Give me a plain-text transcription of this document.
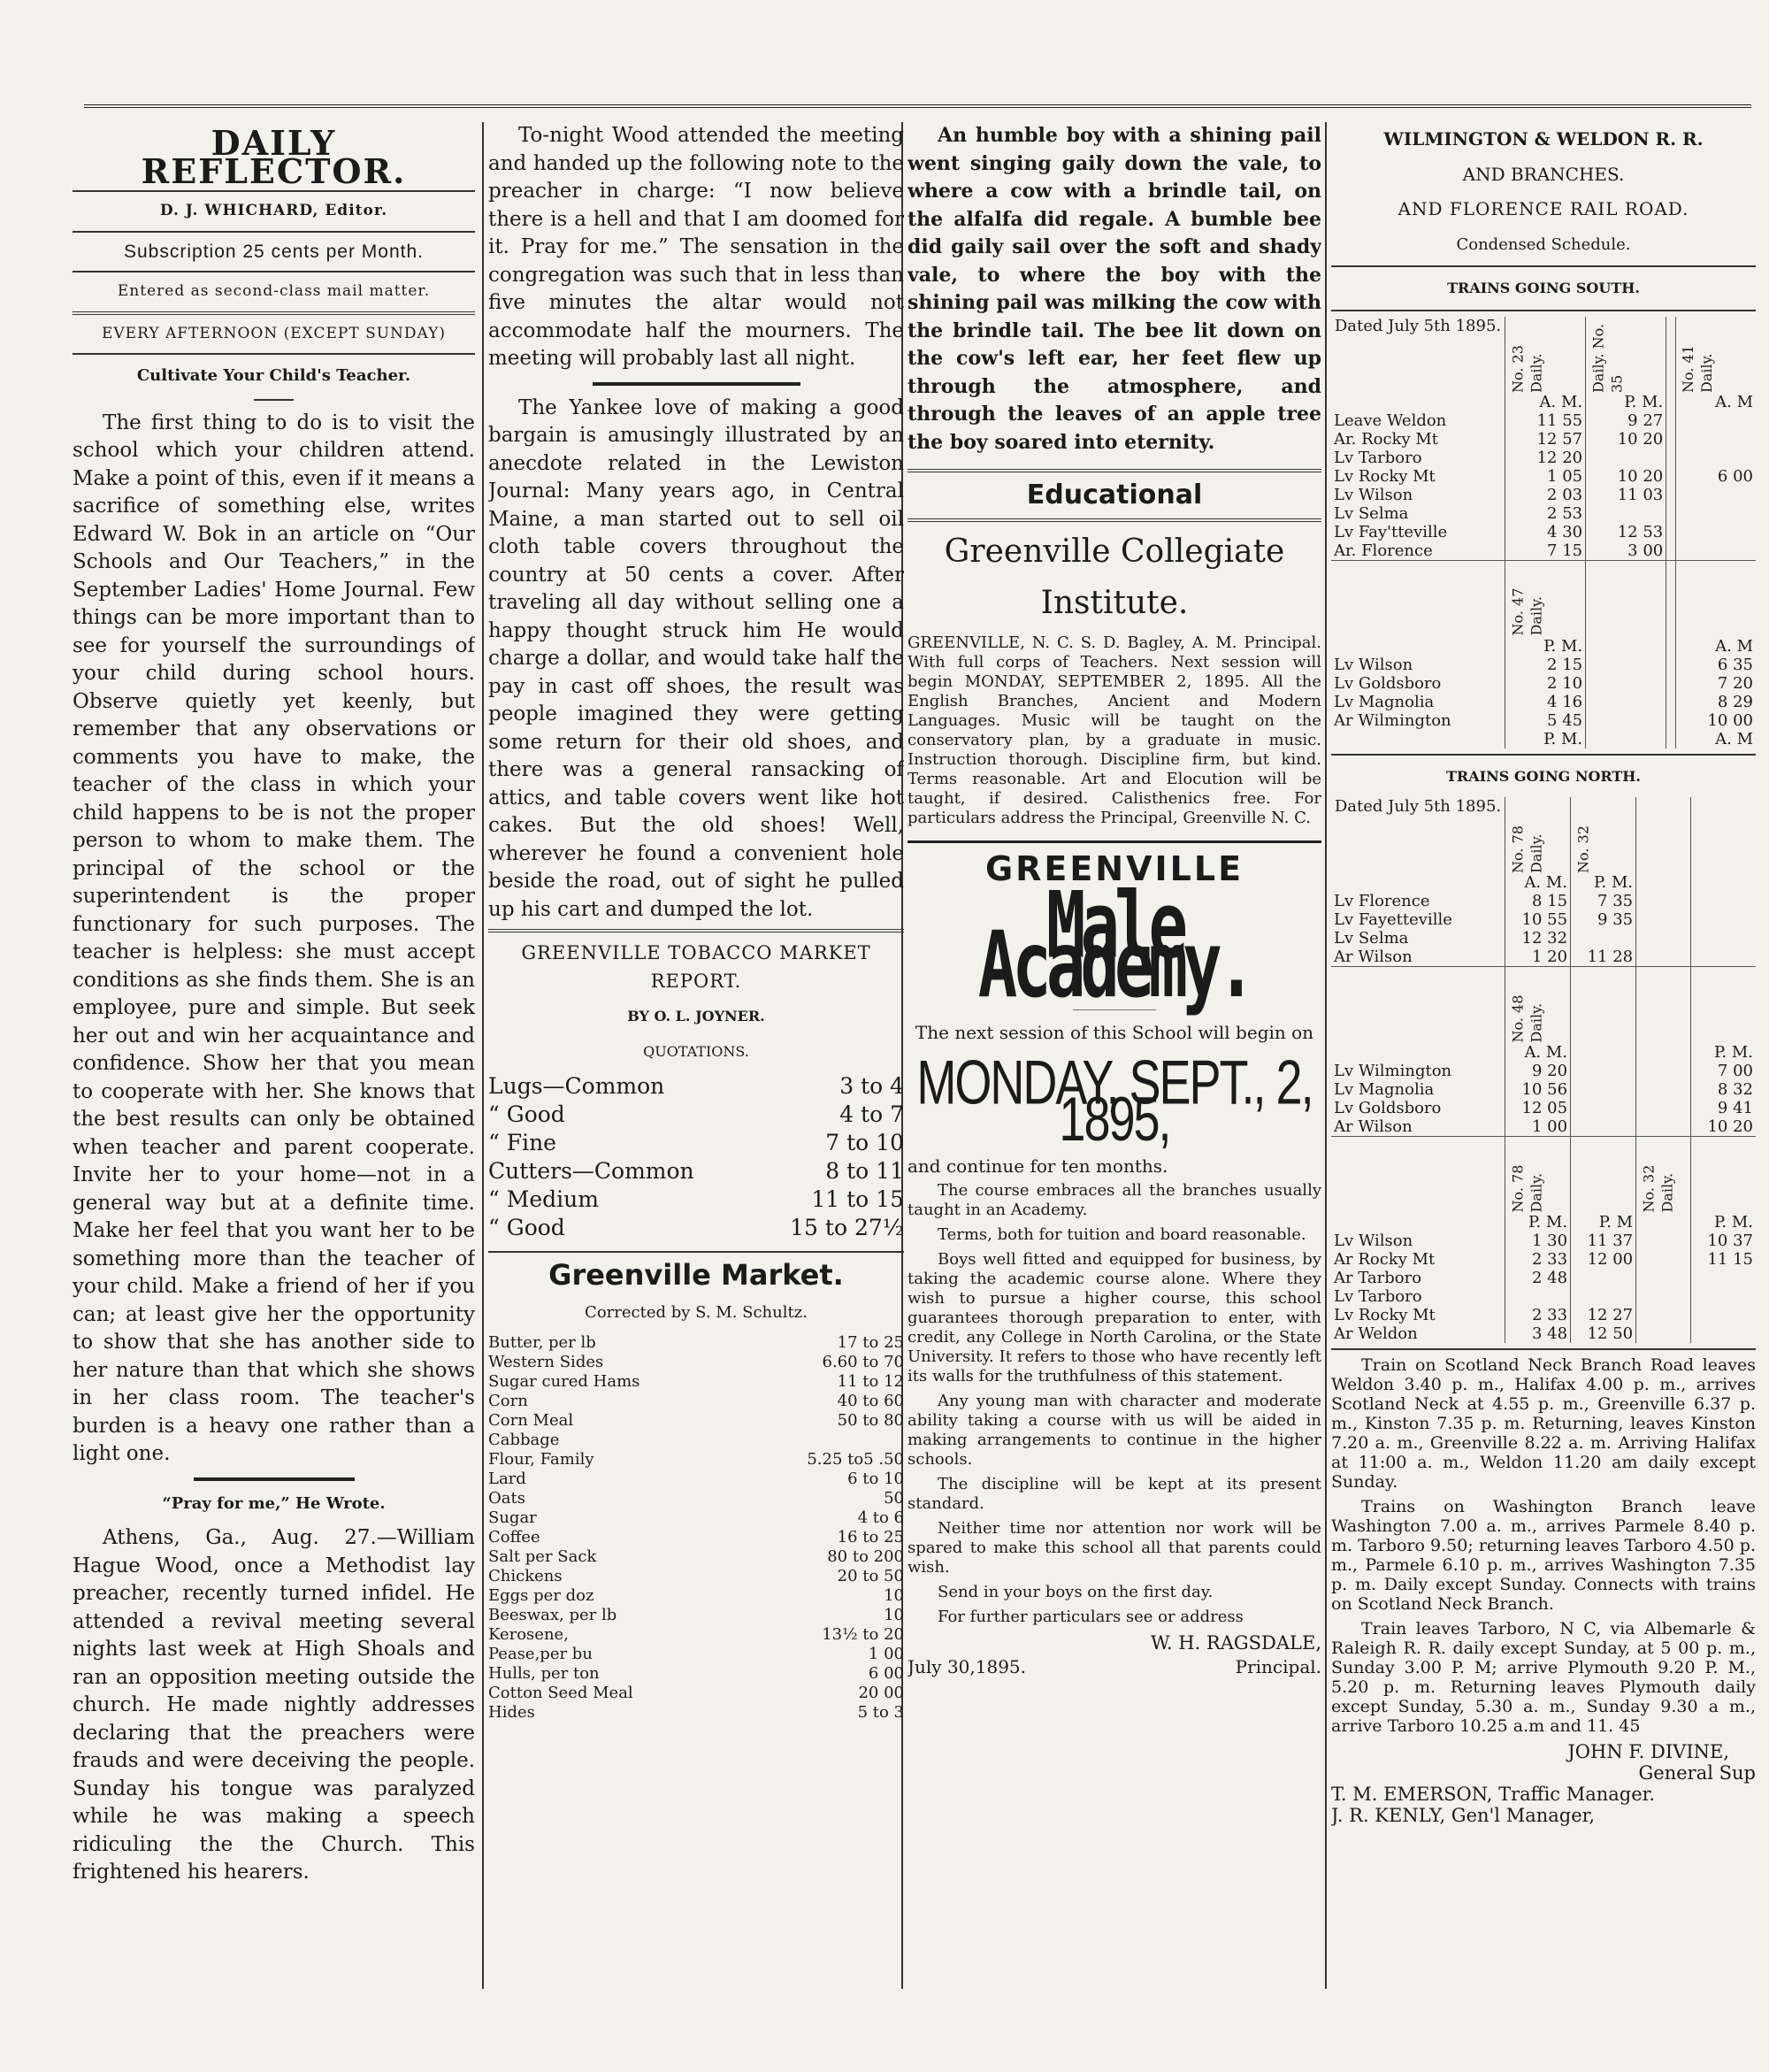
DAILY REFLECTOR.
D. J. WHICHARD, Editor.
Subscription 25 cents per Month.
Entered as second-class mail matter.
EVERY AFTERNOON (EXCEPT SUNDAY)
Cultivate Your Child's Teacher.

The first thing to do is to visit the school which your children attend. Make a point of this, even if it means a sacrifice of something else, writes Edward W. Bok in an article on “Our Schools and Our Teachers,” in the September Ladies' Home Journal. Few things can be more important than to see for yourself the surroundings of your child during school hours. Observe quietly yet keenly, but remember that any observations or comments you have to make, the teacher of the class in which your child happens to be is not the proper person to whom to make them. The principal of the school or the superintendent is the proper functionary for such purposes. The teacher is helpless: she must accept conditions as she finds them. She is an employee, pure and simple. But seek her out and win her acquaintance and confidence. Show her that you mean to cooperate with her. She knows that the best results can only be obtained when teacher and parent cooperate. Invite her to your home—not in a general way but at a definite time. Make her feel that you want her to be something more than the teacher of your child. Make a friend of her if you can; at least give her the opportunity to show that she has another side to her nature than that which she shows in her class room. The teacher's burden is a heavy one rather than a light one.

“Pray for me,” He Wrote.

Athens, Ga., Aug. 27.—William Hague Wood, once a Methodist lay preacher, recently turned infidel. He attended a revival meeting several nights last week at High Shoals and ran an opposition meeting outside the church. He made nightly addresses declaring that the preachers were frauds and were deceiving the people. Sunday his tongue was paralyzed while he was making a speech ridiculing the the Church. This frightened his hearers.

To-night Wood attended the meeting and handed up the following note to the preacher in charge: “I now believe there is a hell and that I am doomed for it. Pray for me.” The sensation in the congregation was such that in less than five minutes the altar would not accommodate half the mourners. The meeting will probably last all night.

The Yankee love of making a good bargain is amusingly illustrated by an anecdote related in the Lewiston Journal: Many years ago, in Central Maine, a man started out to sell oil cloth table covers throughout the country at 50 cents a cover. After traveling all day without selling one a happy thought struck him He would charge a dollar, and would take half the pay in cast off shoes, the result was people imagined they were getting some return for their old shoes, and there was a general ransacking of attics, and table covers went like hot cakes. But the old shoes! Well, wherever he found a convenient hole beside the road, out of sight he pulled up his cart and dumped the lot.

GREENVILLE TOBACCO MARKET REPORT.
BY O. L. JOYNER.
QUOTATIONS.
Lugs—Common	3 to 4
“ Good	4 to 7
“ Fine	7 to 10
Cutters—Common	8 to 11
“ Medium	11 to 15
“ Good	15 to 27½
Greenville Market.
Corrected by S. M. Schultz.
Butter, per lb	17 to 25
Western Sides	6.60 to 70
Sugar cured Hams	11 to 12
Corn	40 to 60
Corn Meal	50 to 80
Cabbage	
Flour, Family	5.25 to5 .50
Lard	6 to 10
Oats	50
Sugar	4 to 6
Coffee	16 to 25
Salt per Sack	80 to 200
Chickens	20 to 50
Eggs per doz	10
Beeswax, per lb	10
Kerosene,	13½ to 20
Pease,per bu	1 00
Hulls, per ton	6 00
Cotton Seed Meal	20 00
Hides	5 to 3

An humble boy with a shining pail went singing gaily down the vale, to where a cow with a brindle tail, on the alfalfa did regale. A bumble bee did gaily sail over the soft and shady vale, to where the boy with the shining pail was milking the cow with the brindle tail. The bee lit down on the cow's left ear, her feet flew up through the atmosphere, and through the leaves of an apple tree the boy soared into eternity.

Educational
Greenville Collegiate
Institute.

GREENVILLE, N. C. S. D. Bagley, A. M. Principal. With full corps of Teachers. Next session will begin MONDAY, SEPTEMBER 2, 1895. All the English Branches, Ancient and Modern Languages. Music will be taught on the conservatory plan, by a graduate in music. Instruction thorough. Discipline firm, but kind. Terms reasonable. Art and Elocution will be taught, if desired. Calisthenics free. For particulars address the Principal, Greenville N. C.

GREENVILLE
Male Academy.

The next session of this School will begin on

MONDAY, SEPT., 2, 1895,

and continue for ten months.

The course embraces all the branches usually taught in an Academy.

Terms, both for tuition and board reasonable.

Boys well fitted and equipped for business, by taking the academic course alone. Where they wish to pursue a higher course, this school guarantees thorough preparation to enter, with credit, any College in North Carolina, or the State University. It refers to those who have recently left its walls for the truthfulness of this statement.

Any young man with character and moderate ability taking a course with us will be aided in making arrangements to continue in the higher schools.

The discipline will be kept at its present standard.

Neither time nor attention nor work will be spared to make this school all that parents could wish.

Send in your boys on the first day.

For further particulars see or address

W. H. RAGSDALE,
July 30,1895.	Principal.
WILMINGTON & WELDON R. R.
AND BRANCHES.
AND FLORENCE RAIL ROAD.
Condensed Schedule.
TRAINS GOING SOUTH.
Dated July 5th 1895.	No. 23 Daily.	Daily. No. 35		No. 41 Daily.
	A. M.	P. M.		A. M
Leave Weldon	11 55	9 27		
Ar. Rocky Mt	12 57	10 20		
Lv Tarboro	12 20			
Lv Rocky Mt	1 05	10 20		6 00
Lv Wilson	2 03	11 03		
Lv Selma	2 53			
Lv Fay'tteville	4 30	12 53		
Ar. Florence	7 15	3 00		
	No. 47 Daily.			
	P. M.			A. M
Lv Wilson	2 15			6 35
Lv Goldsboro	2 10			7 20
Lv Magnolia	4 16			8 29
Ar Wilmington	5 45			10 00
	P. M.			A. M
TRAINS GOING NORTH.
Dated July 5th 1895.	No. 78 Daily.	No. 32		
	A. M.	P. M.		
Lv Florence	8 15	7 35		
Lv Fayetteville	10 55	9 35		
Lv Selma	12 32			
Ar Wilson	1 20	11 28		
	No. 48 Daily.			
	A. M.			P. M.
Lv Wilmington	9 20			7 00
Lv Magnolia	10 56			8 32
Lv Goldsboro	12 05			9 41
Ar Wilson	1 00			10 20
	No. 78 Daily.		No. 32 Daily.	
	P. M.	P. M		P. M.
Lv Wilson	1 30	11 37		10 37
Ar Rocky Mt	2 33	12 00		11 15
Ar Tarboro	2 48			
Lv Tarboro				
Lv Rocky Mt	2 33	12 27		
Ar Weldon	3 48	12 50		

Train on Scotland Neck Branch Road leaves Weldon 3.40 p. m., Halifax 4.00 p. m., arrives Scotland Neck at 4.55 p. m., Greenville 6.37 p. m., Kinston 7.35 p. m. Returning, leaves Kinston 7.20 a. m., Greenville 8.22 a. m. Arriving Halifax at 11:00 a. m., Weldon 11.20 am daily except Sunday.

Trains on Washington Branch leave Washington 7.00 a. m., arrives Parmele 8.40 p. m. Tarboro 9.50; returning leaves Tarboro 4.50 p. m., Parmele 6.10 p. m., arrives Washington 7.35 p. m. Daily except Sunday. Connects with trains on Scotland Neck Branch.

Train leaves Tarboro, N C, via Albemarle & Raleigh R. R. daily except Sunday, at 5 00 p. m., Sunday 3.00 P. M; arrive Plymouth 9.20 P. M., 5.20 p. m. Returning leaves Plymouth daily except Sunday, 5.30 a. m., Sunday 9.30 a m., arrive Tarboro 10.25 a.m and 11. 45

JOHN F. DIVINE,
General Sup
T. M. EMERSON, Traffic Manager.
J. R. KENLY, Gen'l Manager,
